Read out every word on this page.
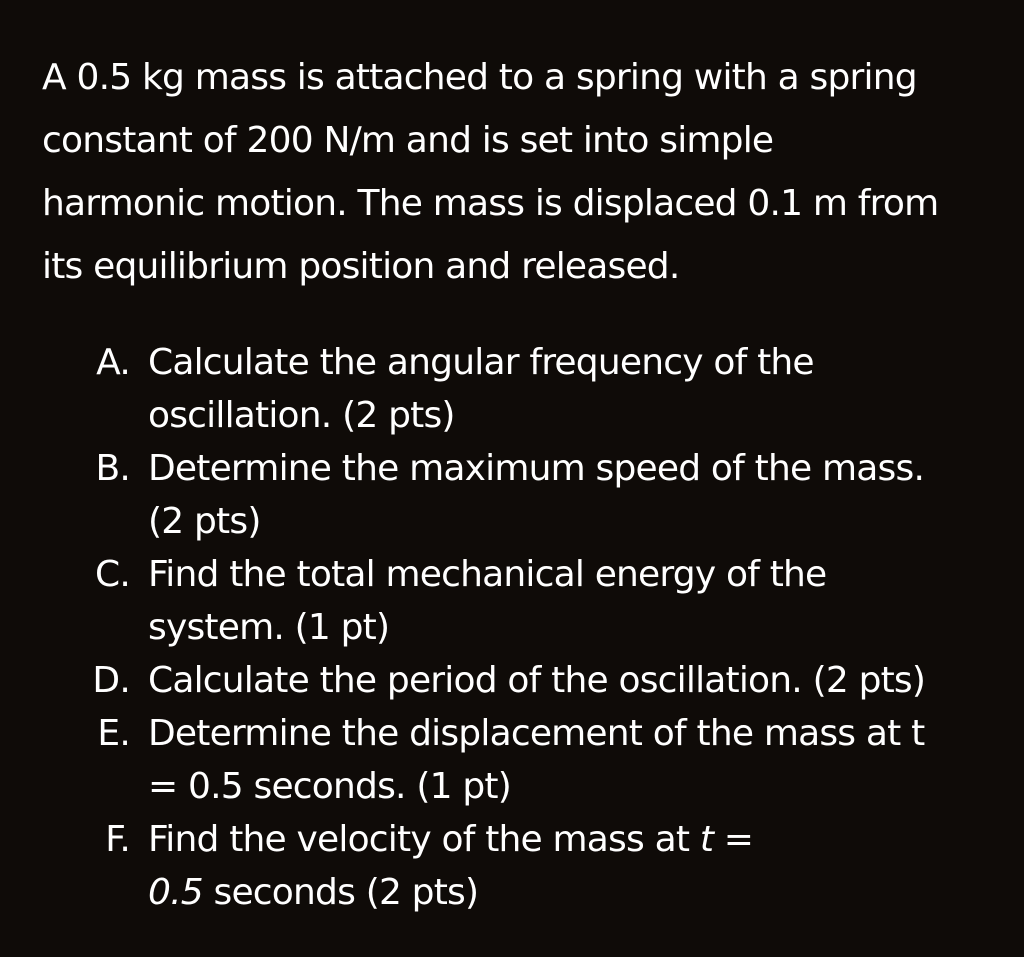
A 0.5 kg mass is attached to a spring with a spring
constant of 200 N/m and is set into simple
harmonic motion. The mass is displaced 0.1 m from
its equilibrium position and released.

A. Calculate the angular frequency of the
oscillation. (2 pts)
B. Determine the maximum speed of the mass.
(2 pts)
C. Find the total mechanical energy of the
system. (1 pt)
D. Calculate the period of the oscillation. (2 pts)
E. Determine the displacement of the mass at t
= 0.5 seconds. (1 pt)
F. Find the velocity of the mass at t =
0.5 seconds (2 pts)
